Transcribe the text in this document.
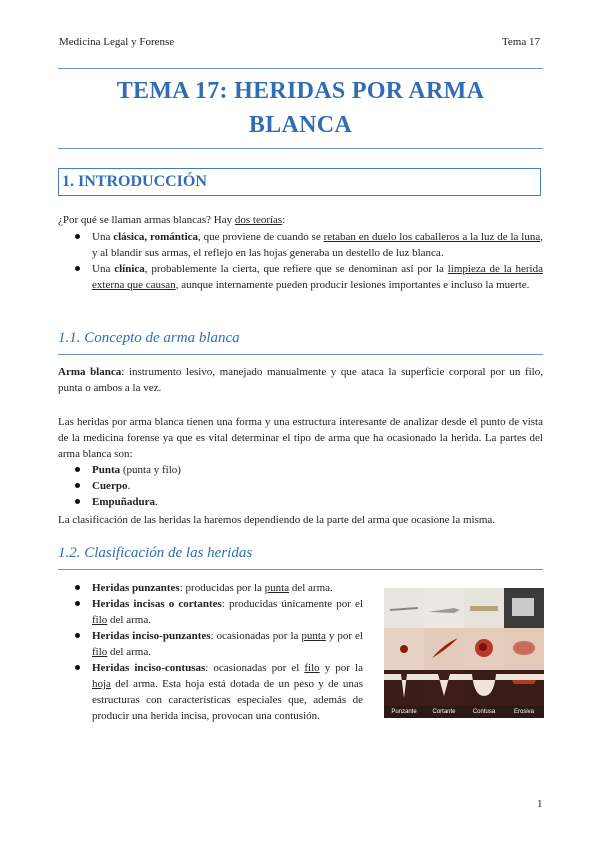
Medicina Legal y Forense	Tema 17
TEMA 17: HERIDAS POR ARMA
BLANCA
1. INTRODUCCIÓN
¿Por qué se llaman armas blancas? Hay dos teorías:
Una clásica, romántica, que proviene de cuando se retaban en duelo los caballeros a la luz de la luna, y al blandir sus armas, el reflejo en las hojas generaba un destello de luz blanca.
Una clínica, probablemente la cierta, que refiere que se denominan así por la limpieza de la herida externa que causan, aunque internamente pueden producir lesiones importantes e incluso la muerte.
1.1. Concepto de arma blanca
Arma blanca: instrumento lesivo, manejado manualmente y que ataca la superficie corporal por un filo, punta o ambos a la vez.
Las heridas por arma blanca tienen una forma y una estructura interesante de analizar desde el punto de vista de la medicina forense ya que es vital determinar el tipo de arma que ha ocasionado la herida. La partes del arma blanca son:
Punta (punta y filo)
Cuerpo.
Empuñadura.
La clasificación de las heridas la haremos dependiendo de la parte del arma que ocasione la misma.
1.2. Clasificación de las heridas
Heridas punzantes: producidas por la punta del arma.
Heridas incisas o cortantes: producidas únicamente por el filo del arma.
Heridas inciso-punzantes: ocasionadas por la punta y por el filo del arma.
Heridas inciso-contusas: ocasionadas por el filo y por la hoja del arma. Esta hoja está dotada de un peso y de unas estructuras con características especiales que, además de producir una herida incisa, provocan una contusión.	Punzante	Cortante	Contusa	Erosiva
1
